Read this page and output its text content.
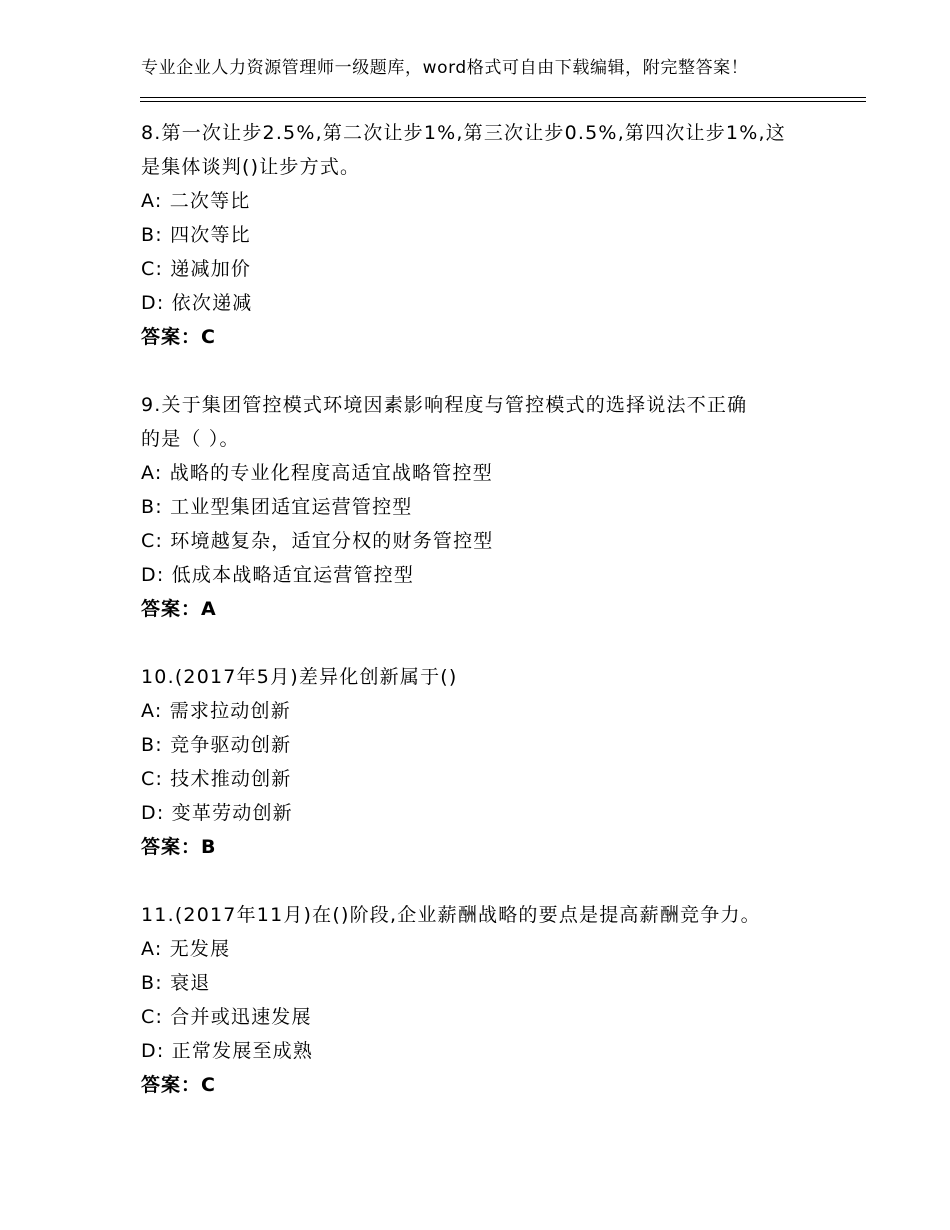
专业企业人力资源管理师一级题库，word格式可自由下载编辑，附完整答案！

8.第一次让步2.5%,第二次让步1%,第三次让步0.5%,第四次让步1%,这

是集体谈判()让步方式。

A: 二次等比

B: 四次等比

C: 递减加价

D: 依次递减

答案：C

9.关于集团管控模式环境因素影响程度与管控模式的选择说法不正确

的是（ ）。

A: 战略的专业化程度高适宜战略管控型

B: 工业型集团适宜运营管控型

C: 环境越复杂，适宜分权的财务管控型

D: 低成本战略适宜运营管控型

答案：A

10.(2017年5月)差异化创新属于()

A: 需求拉动创新

B: 竞争驱动创新

C: 技术推动创新

D: 变革劳动创新

答案：B

11.(2017年11月)在()阶段,企业薪酬战略的要点是提高薪酬竞争力。

A: 无发展

B: 衰退

C: 合并或迅速发展

D: 正常发展至成熟

答案：C
